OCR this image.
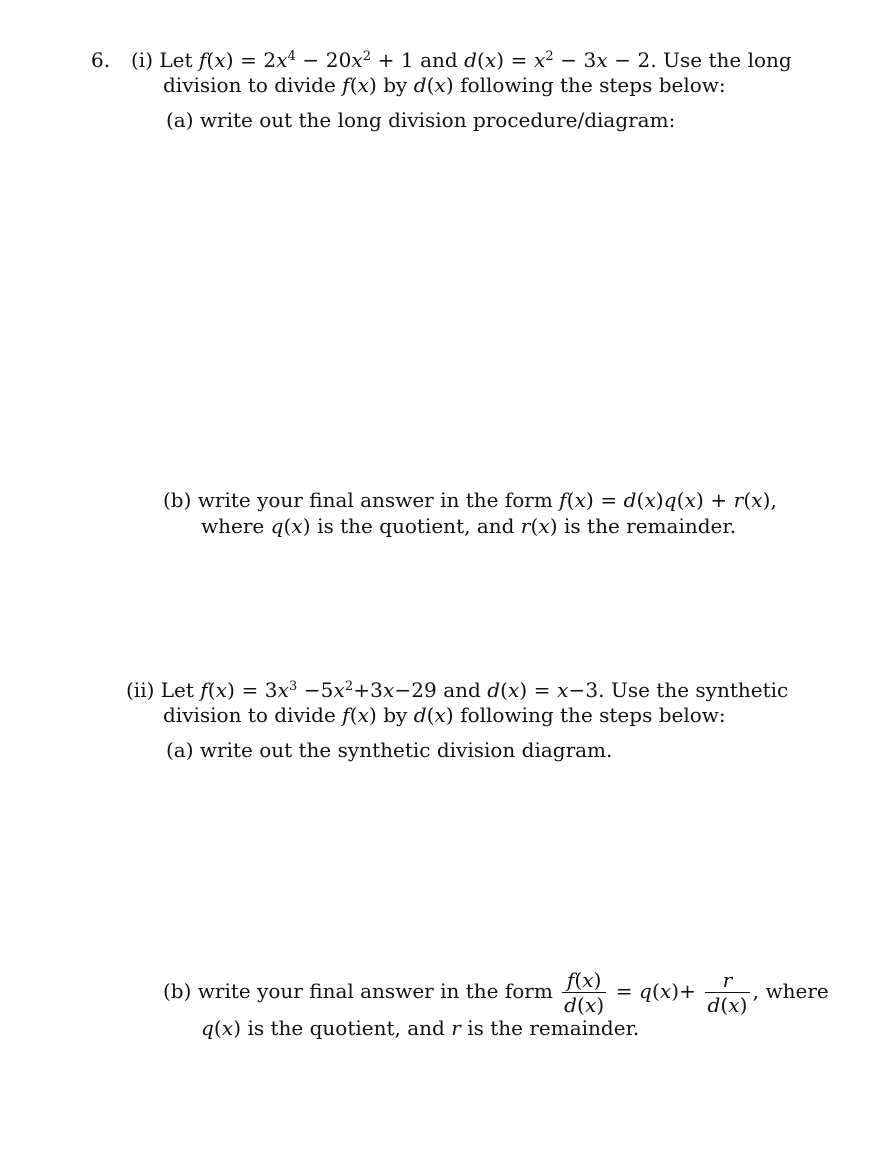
6. (i) Let $f(x) = 2x^4 - 20x^2 + 1$ and $d(x) = x^2 - 3x - 2$. Use the long
division to divide f(x) by d(x) following the steps below:
(a) write out the long division procedure/diagram:
(b) write your final answer in the form f(x) = d(x)q(x) + r(x),
where q(x) is the quotient, and r(x) is the remainder.
(ii) Let $f(x) = 3x^3 -5x^2+3x-29$ and d(x) = x−3. Use the synthetic
division to divide f(x) by d(x) following the steps below:
(a) write out the synthetic division diagram.
(b) write your final answer in the form $\frac{f(x)}{d(x)} = q(x)+ \frac{r}{d(x)}$ , where
q(x) is the quotient, and r is the remainder.
